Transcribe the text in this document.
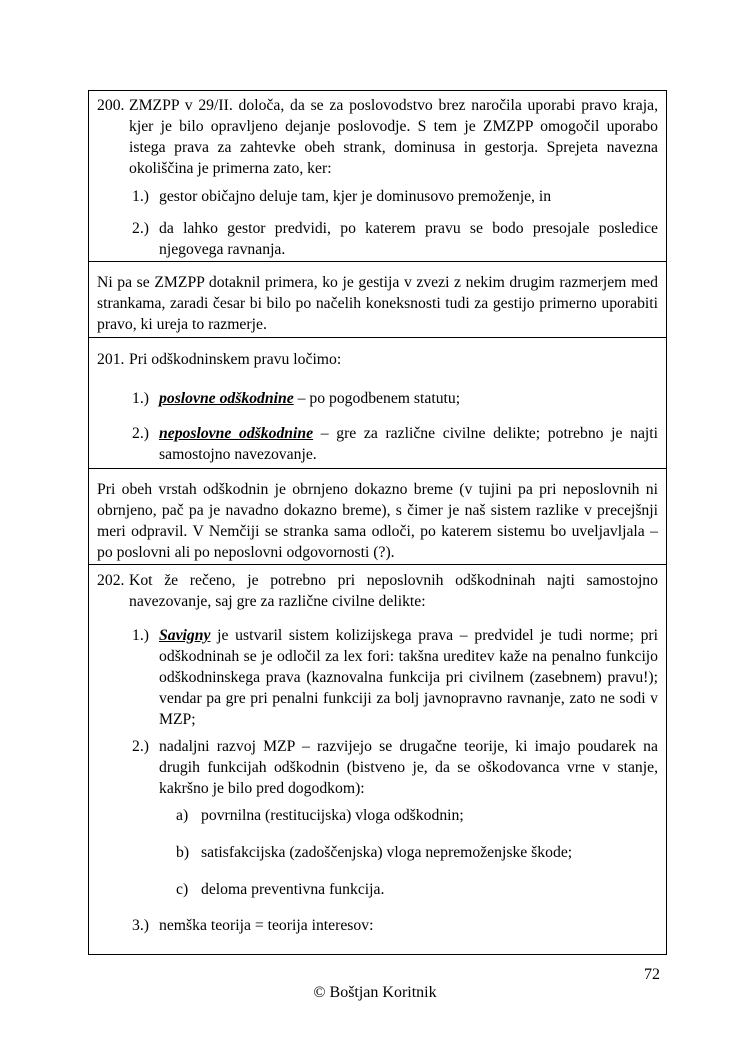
200. ZMZPP v 29/II. določa, da se za poslovodstvo brez naročila uporabi pravo kraja, kjer je bilo opravljeno dejanje poslovodje. S tem je ZMZPP omogočil uporabo istega prava za zahtevke obeh strank, dominusa in gestorja. Sprejeta navezna okoliščina je primerna zato, ker:
1.) gestor običajno deluje tam, kjer je dominusovo premoženje, in
2.) da lahko gestor predvidi, po katerem pravu se bodo presojale posledice njegovega ravnanja.
Ni pa se ZMZPP dotaknil primera, ko je gestija v zvezi z nekim drugim razmerjem med strankama, zaradi česar bi bilo po načelih koneksnosti tudi za gestijo primerno uporabiti pravo, ki ureja to razmerje.
201. Pri odškodninskem pravu ločimo:
1.) poslovne odškodnine – po pogodbenem statutu;
2.) neposlovne odškodnine – gre za različne civilne delikte; potrebno je najti samostojno navezovanje.
Pri obeh vrstah odškodnin je obrnjeno dokazno breme (v tujini pa pri neposlovnih ni obrnjeno, pač pa je navadno dokazno breme), s čimer je naš sistem razlike v precejšnji meri odpravil. V Nemčiji se stranka sama odloči, po katerem sistemu bo uveljavljala – po poslovni ali po neposlovni odgovornosti (?).
202. Kot že rečeno, je potrebno pri neposlovnih odškodninah najti samostojno navezovanje, saj gre za različne civilne delikte:
1.) Savigny je ustvaril sistem kolizijskega prava – predvidel je tudi norme; pri odškodninah se je odločil za lex fori: takšna ureditev kaže na penalno funkcijo odškodninskega prava (kaznovalna funkcija pri civilnem (zasebnem) pravu!); vendar pa gre pri penalni funkciji za bolj javnopravno ravnanje, zato ne sodi v MZP;
2.) nadaljni razvoj MZP – razvijejo se drugačne teorije, ki imajo poudarek na drugih funkcijah odškodnin (bistveno je, da se oškodovanca vrne v stanje, kakršno je bilo pred dogodkom):
a) povrnilna (restitucijska) vloga odškodnin;
b) satisfakcijska (zadoščenjska) vloga nepremoženjske škode;
c) deloma preventivna funkcija.
3.) nemška teorija = teorija interesov:
72
© Boštjan Koritnik
